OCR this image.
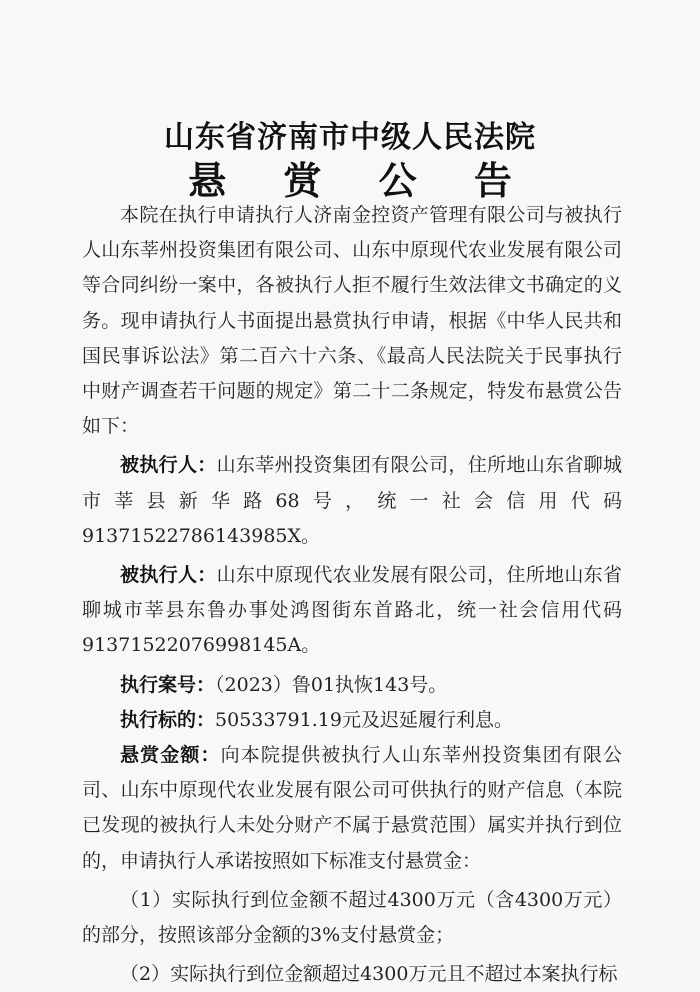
山东省济南市中级人民法院
悬 赏 公 告

本院在执行申请执行人济南金控资产管理有限公司与被执行人山东莘州投资集团有限公司、山东中原现代农业发展有限公司等合同纠纷一案中，各被执行人拒不履行生效法律文书确定的义务。现申请执行人书面提出悬赏执行申请，根据《中华人民共和国民事诉讼法》第二百六十六条、《最高人民法院关于民事执行中财产调查若干问题的规定》第二十二条规定，特发布悬赏公告如下：

被执行人：山东莘州投资集团有限公司，住所地山东省聊城市莘县新华路68号，统一社会信用代码91371522786143985X。

被执行人：山东中原现代农业发展有限公司，住所地山东省聊城市莘县东鲁办事处鸿图街东首路北，统一社会信用代码91371522076998145A。

执行案号：（2023）鲁01执恢143号。

执行标的：50533791.19元及迟延履行利息。

悬赏金额：向本院提供被执行人山东莘州投资集团有限公司、山东中原现代农业发展有限公司可供执行的财产信息（本院已发现的被执行人未处分财产不属于悬赏范围）属实并执行到位的，申请执行人承诺按照如下标准支付悬赏金：

（1）实际执行到位金额不超过4300万元（含4300万元）的部分，按照该部分金额的3%支付悬赏金；

（2）实际执行到位金额超过4300万元且不超过本案执行标
